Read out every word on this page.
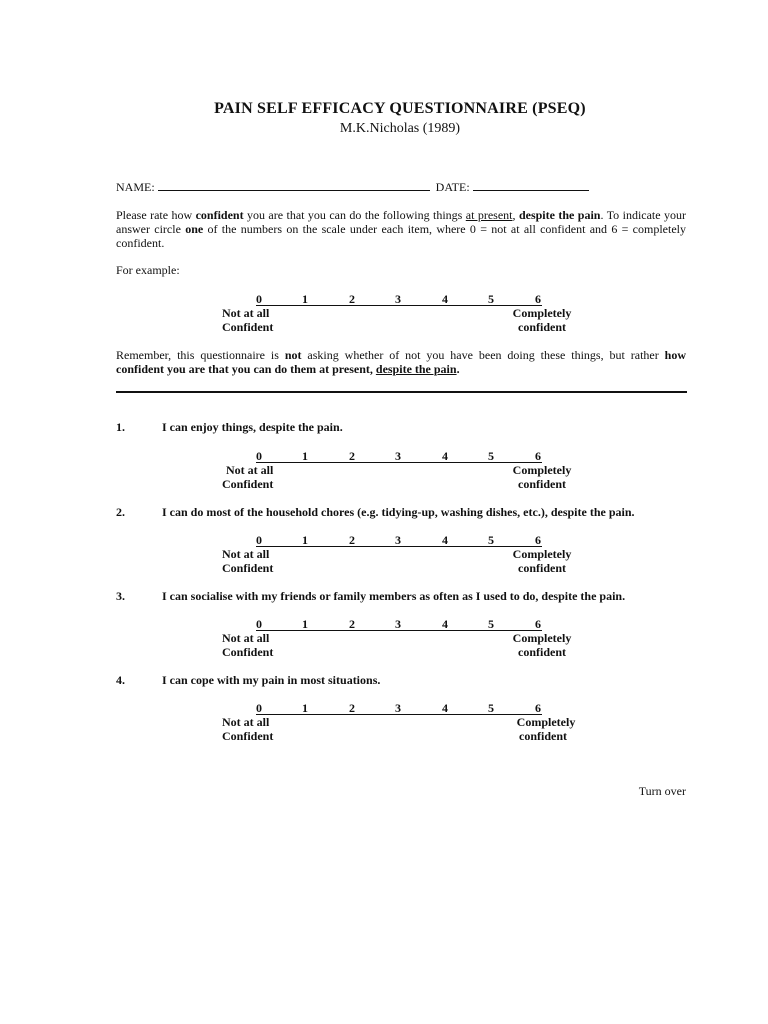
PAIN SELF EFFICACY QUESTIONNAIRE (PSEQ)
M.K.Nicholas (1989)
NAME:	DATE:
Please rate how confident you are that you can do the following things at present, despite the pain. To indicate your answer circle one of the numbers on the scale under each item, where 0 = not at all confident and 6 = completely confident.
For example:
0	1	2	3	4	5	6
Not at all
Confident
Completely
confident
Remember, this questionnaire is not asking whether of not you have been doing these things, but rather how confident you are that you can do them at present, despite the pain.
1.	I can enjoy things, despite the pain.
0	1	2	3	4	5	6
Not at all
Confident
Completely
confident
2.	I can do most of the household chores (e.g. tidying-up, washing dishes, etc.), despite the pain.
0	1	2	3	4	5	6
Not at all
Confident
Completely
confident
3.	I can socialise with my friends or family members as often as I used to do, despite the pain.
0	1	2	3	4	5	6
Not at all
Confident
Completely
confident
4.	I can cope with my pain in most situations.
0	1	2	3	4	5	6
Not at all
Confident
Completely
confident
Turn over
